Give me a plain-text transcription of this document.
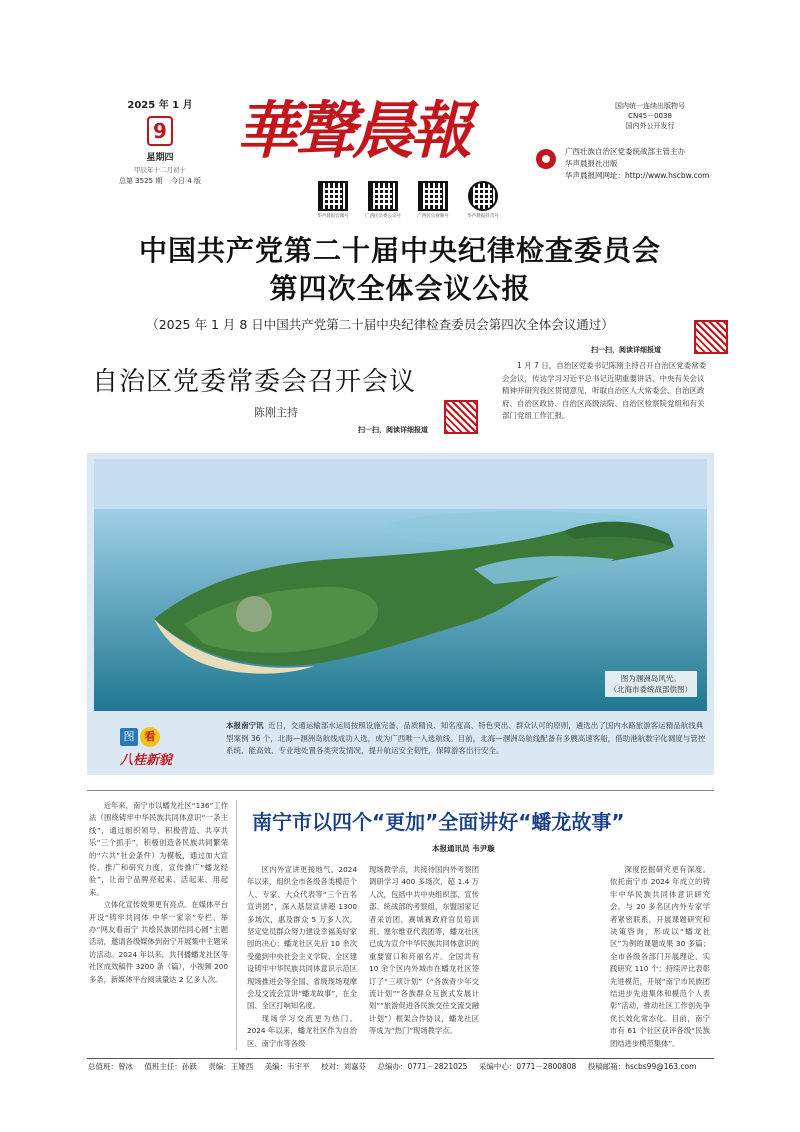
2025 年 1 月
9
星期四
甲辰年十二月初十
总第 3525 期 今日 4 版
華聲晨報
华声晨报官微号	广西民宗委公众号	广西民宗视频号	华声晨报抖音号
国内统一连续出版物号
CN45－0038
国内外公开发行
广西壮族自治区党委统战部主管主办
华声晨报社出版
华声晨报网网址：http://www.hscbw.com
中国共产党第二十届中央纪律检查委员会
第四次全体会议公报
（2025 年 1 月 8 日中国共产党第二十届中央纪律检查委员会第四次全体会议通过）
扫一扫，阅读详细报道
自治区党委常委会召开会议
陈刚主持
扫一扫，阅读详细报道
1 月 7 日，自治区党委书记陈刚主持召开自治区党委常委会会议，传达学习习近平总书记近期重要讲话、中央有关会议精神并研究我区贯彻意见，听取自治区人大常委会、自治区政府、自治区政协、自治区高级法院、自治区检察院党组和有关部门党组工作汇报。
图为涠洲岛风光。
（北海市委统战部供图）
图 看
八桂新貌
本报南宁讯 近日，交通运输部水运局按照设施完备、品质精良、知名度高、特色突出、群众认可的原则，遴选出了国内水路旅游客运精品航线典型案例 36 个，北海—涠洲岛航线成功入选，成为广西唯一入选航线。目前，北海—涠洲岛航线配备有多艘高速客船，借助港航数字化调度与管控系统、能高效、专业地处置各类突发情况，提升航运安全韧性，保障游客出行安全。

近年来，南宁市以蟠龙社区“136”工作法（围绕铸牢中华民族共同体意识“一条主线”，通过组织领导、积极营造、共享共乐“三个抓手”，积极创造各民族共同繁荣的“六共”社会条件）为模板，通过加大宣传、推广和研究力度，宣传推广“蟠龙经验”，让南宁品牌亮起来、活起来、用起来。

立体化宣传效果更有亮点。在媒体平台开设“铸牢共同体 中华一家亲”专栏、举办“网友看南宁 共绘民族团结同心圆”主题活动，邀请各级媒体到南宁开展集中主题采访活动。2024 年以来，共刊播蟠龙社区等社区成效稿件 3200 条（篇），小视频 200 多条，新媒体平台阅读量达 2 亿多人次。

南宁市以四个“更加”全面讲好“蟠龙故事”
本报通讯员 韦尹璇

区内外宣讲更接地气。2024 年以来，组织全市各级各类模范个人、专家、大众代表等“三个百名宣讲团”，深入基层宣讲超 1300 多场次，惠及群众 5 万多人次。坚定党员群众努力建设幸福美好家园的决心；蟠龙社区先后 10 余次受邀到中央社会主义学院、全区建设铸牢中华民族共同体意识示范区现场推进会等全国、省级现场观摩会及交流会宣讲“蟠龙故事”，在全国、全区打响知名度。

现场学习交流更为热门。2024 年以来，蟠龙社区作为自治区、南宁市等各级

现场教学点，共接待国内外考察团调研学习 400 多场次，超 1.4 万人次，包括中共中央组织部、宣传部、统战部的考察组，东盟国家记者采访团，赛城赛政府官员培训班、塞尔维亚代表团等，蟠龙社区已成为宣介中华民族共同体意识的重要窗口和亮丽名片。全国共有 10 余个区内外城市在蟠龙社区签订了“三项计划”（“各族青少年交流计划”“各族群众互嵌式发展计划”“旅游促进各民族交往交流交融计划”）框架合作协议，蟠龙社区等成为“热门”现场教学点。

深度挖掘研究更有深度。依托南宁市 2024 年成立的铸牢中华民族共同体意识研究会，与 20 多名区内外专家学者紧密联系，开展课题研究和决策咨询，形成以“蟠龙社区”为例的课题成果 30 多篇；全市各级各部门开展理论、实践研究 110 个；持续评比表彰先进模范，开展“南宁市民族团结进步先进集体和模范个人表彰”活动，推动社区工作创先争优长效化常态化。目前，南宁市有 61 个社区获评各级“民族团结进步模范集体”。

总值班：曾冰 值班主任：孙跃 责编：王娅西 美编：韦宇平 校对：刘嘉芬 总编办：0771－2821025 采编中心：0771－2800808 投稿邮箱：hscbs99@163.com
